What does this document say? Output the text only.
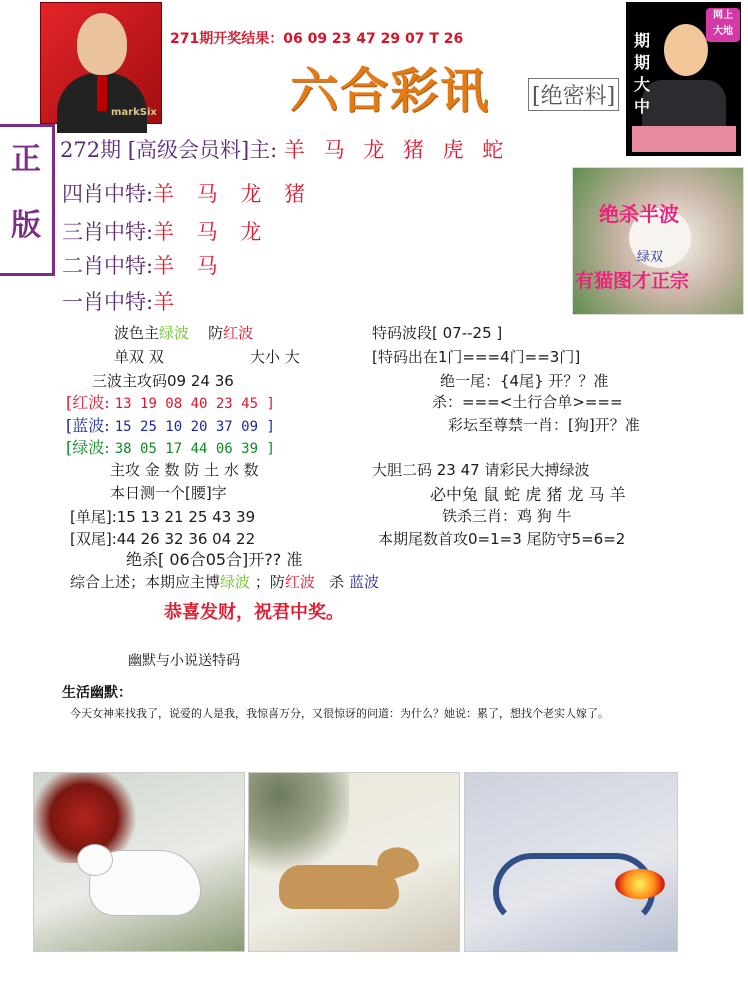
markSix
271期开奖结果：06 09 23 47 29 07 T 26
六合彩讯 [绝密料]
期期大中
网上
大地
正
版
272期 [高级会员料]主: 羊 马 龙 猪 虎 蛇
四肖中特:羊 马 龙 猪
三肖中特:羊 马 龙
二肖中特:羊 马
一肖中特:羊
绝杀半波
绿双
有猫图才正宗
波色主绿波 防红波
单双 双	大小 大
三波主攻码09 24 36
[红波: 13 19 08 40 23 45 ]
[蓝波: 15 25 10 20 37 09 ]
[绿波: 38 05 17 44 06 39 ]
主攻 金 数 防 土 水 数
本日测一个[腰]字
[单尾]:15 13 21 25 43 39
[双尾]:44 26 32 36 04 22
绝杀[ 06合05合]开?? 准
综合上述；本期应主博绿波 ；防红波 杀 蓝波
特码波段[ 07--25 ]
[特码出在1门===4门==3门]
绝一尾：{4尾} 开？？准
杀：===<土行合单>===
彩坛至尊禁一肖：[狗]开？准
大胆二码 23 47 请彩民大搏绿波
必中兔 鼠 蛇 虎 猪 龙 马 羊
铁杀三肖：鸡 狗 牛
本期尾数首攻0=1=3 尾防守5=6=2
恭喜发财，祝君中奖。
幽默与小说送特码
生活幽默：
今天女神来找我了，说爱的人是我，我惊喜万分，又很惊讶的问道：为什么？她说：累了，想找个老实人嫁了。
